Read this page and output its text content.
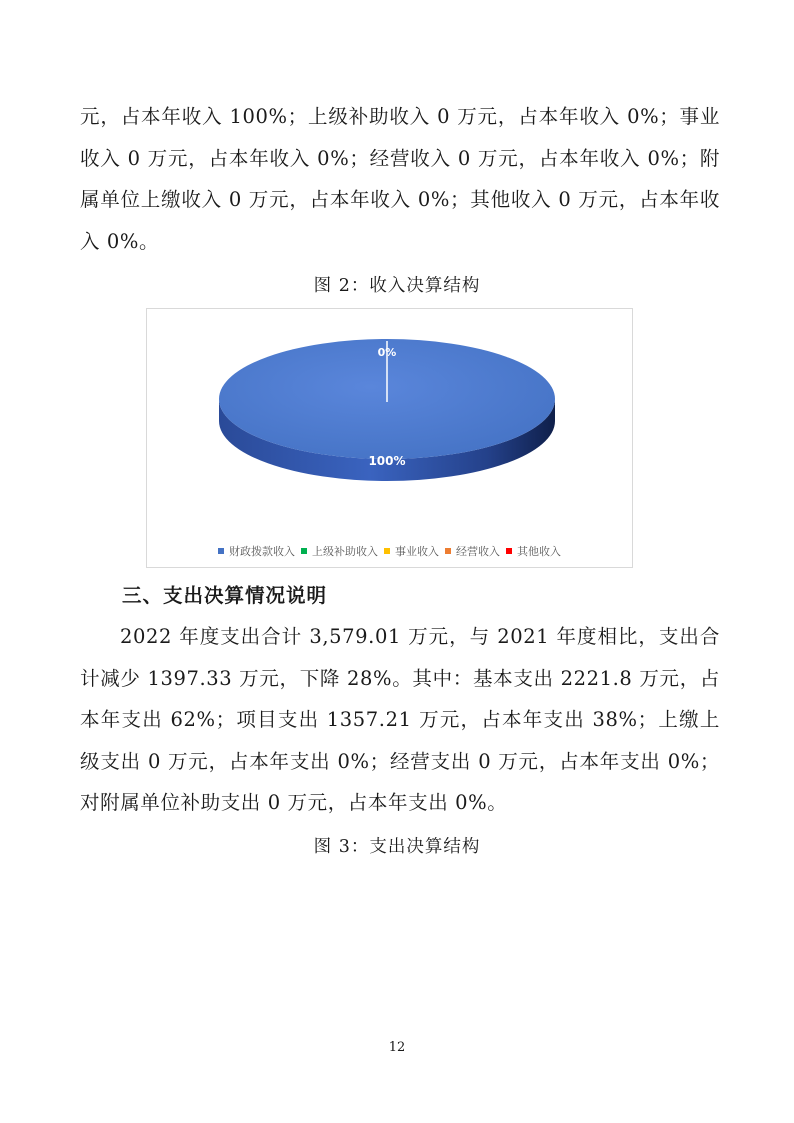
元，占本年收入 100%；上级补助收入 0 万元，占本年收入 0%；事业收入 0 万元，占本年收入 0%；经营收入 0 万元，占本年收入 0%；附属单位上缴收入 0 万元，占本年收入 0%；其他收入 0 万元，占本年收入 0%。

图 2：收入决算结构

100%
0%
财政拨款收入 上级补助收入 事业收入 经营收入 其他收入

三、支出决算情况说明

2022 年度支出合计 3,579.01 万元，与 2021 年度相比，支出合计减少 1397.33 万元，下降 28%。其中：基本支出 2221.8 万元，占本年支出 62%；项目支出 1357.21 万元，占本年支出 38%；上缴上级支出 0 万元，占本年支出 0%；经营支出 0 万元，占本年支出 0%；对附属单位补助支出 0 万元，占本年支出 0%。

图 3：支出决算结构

12
